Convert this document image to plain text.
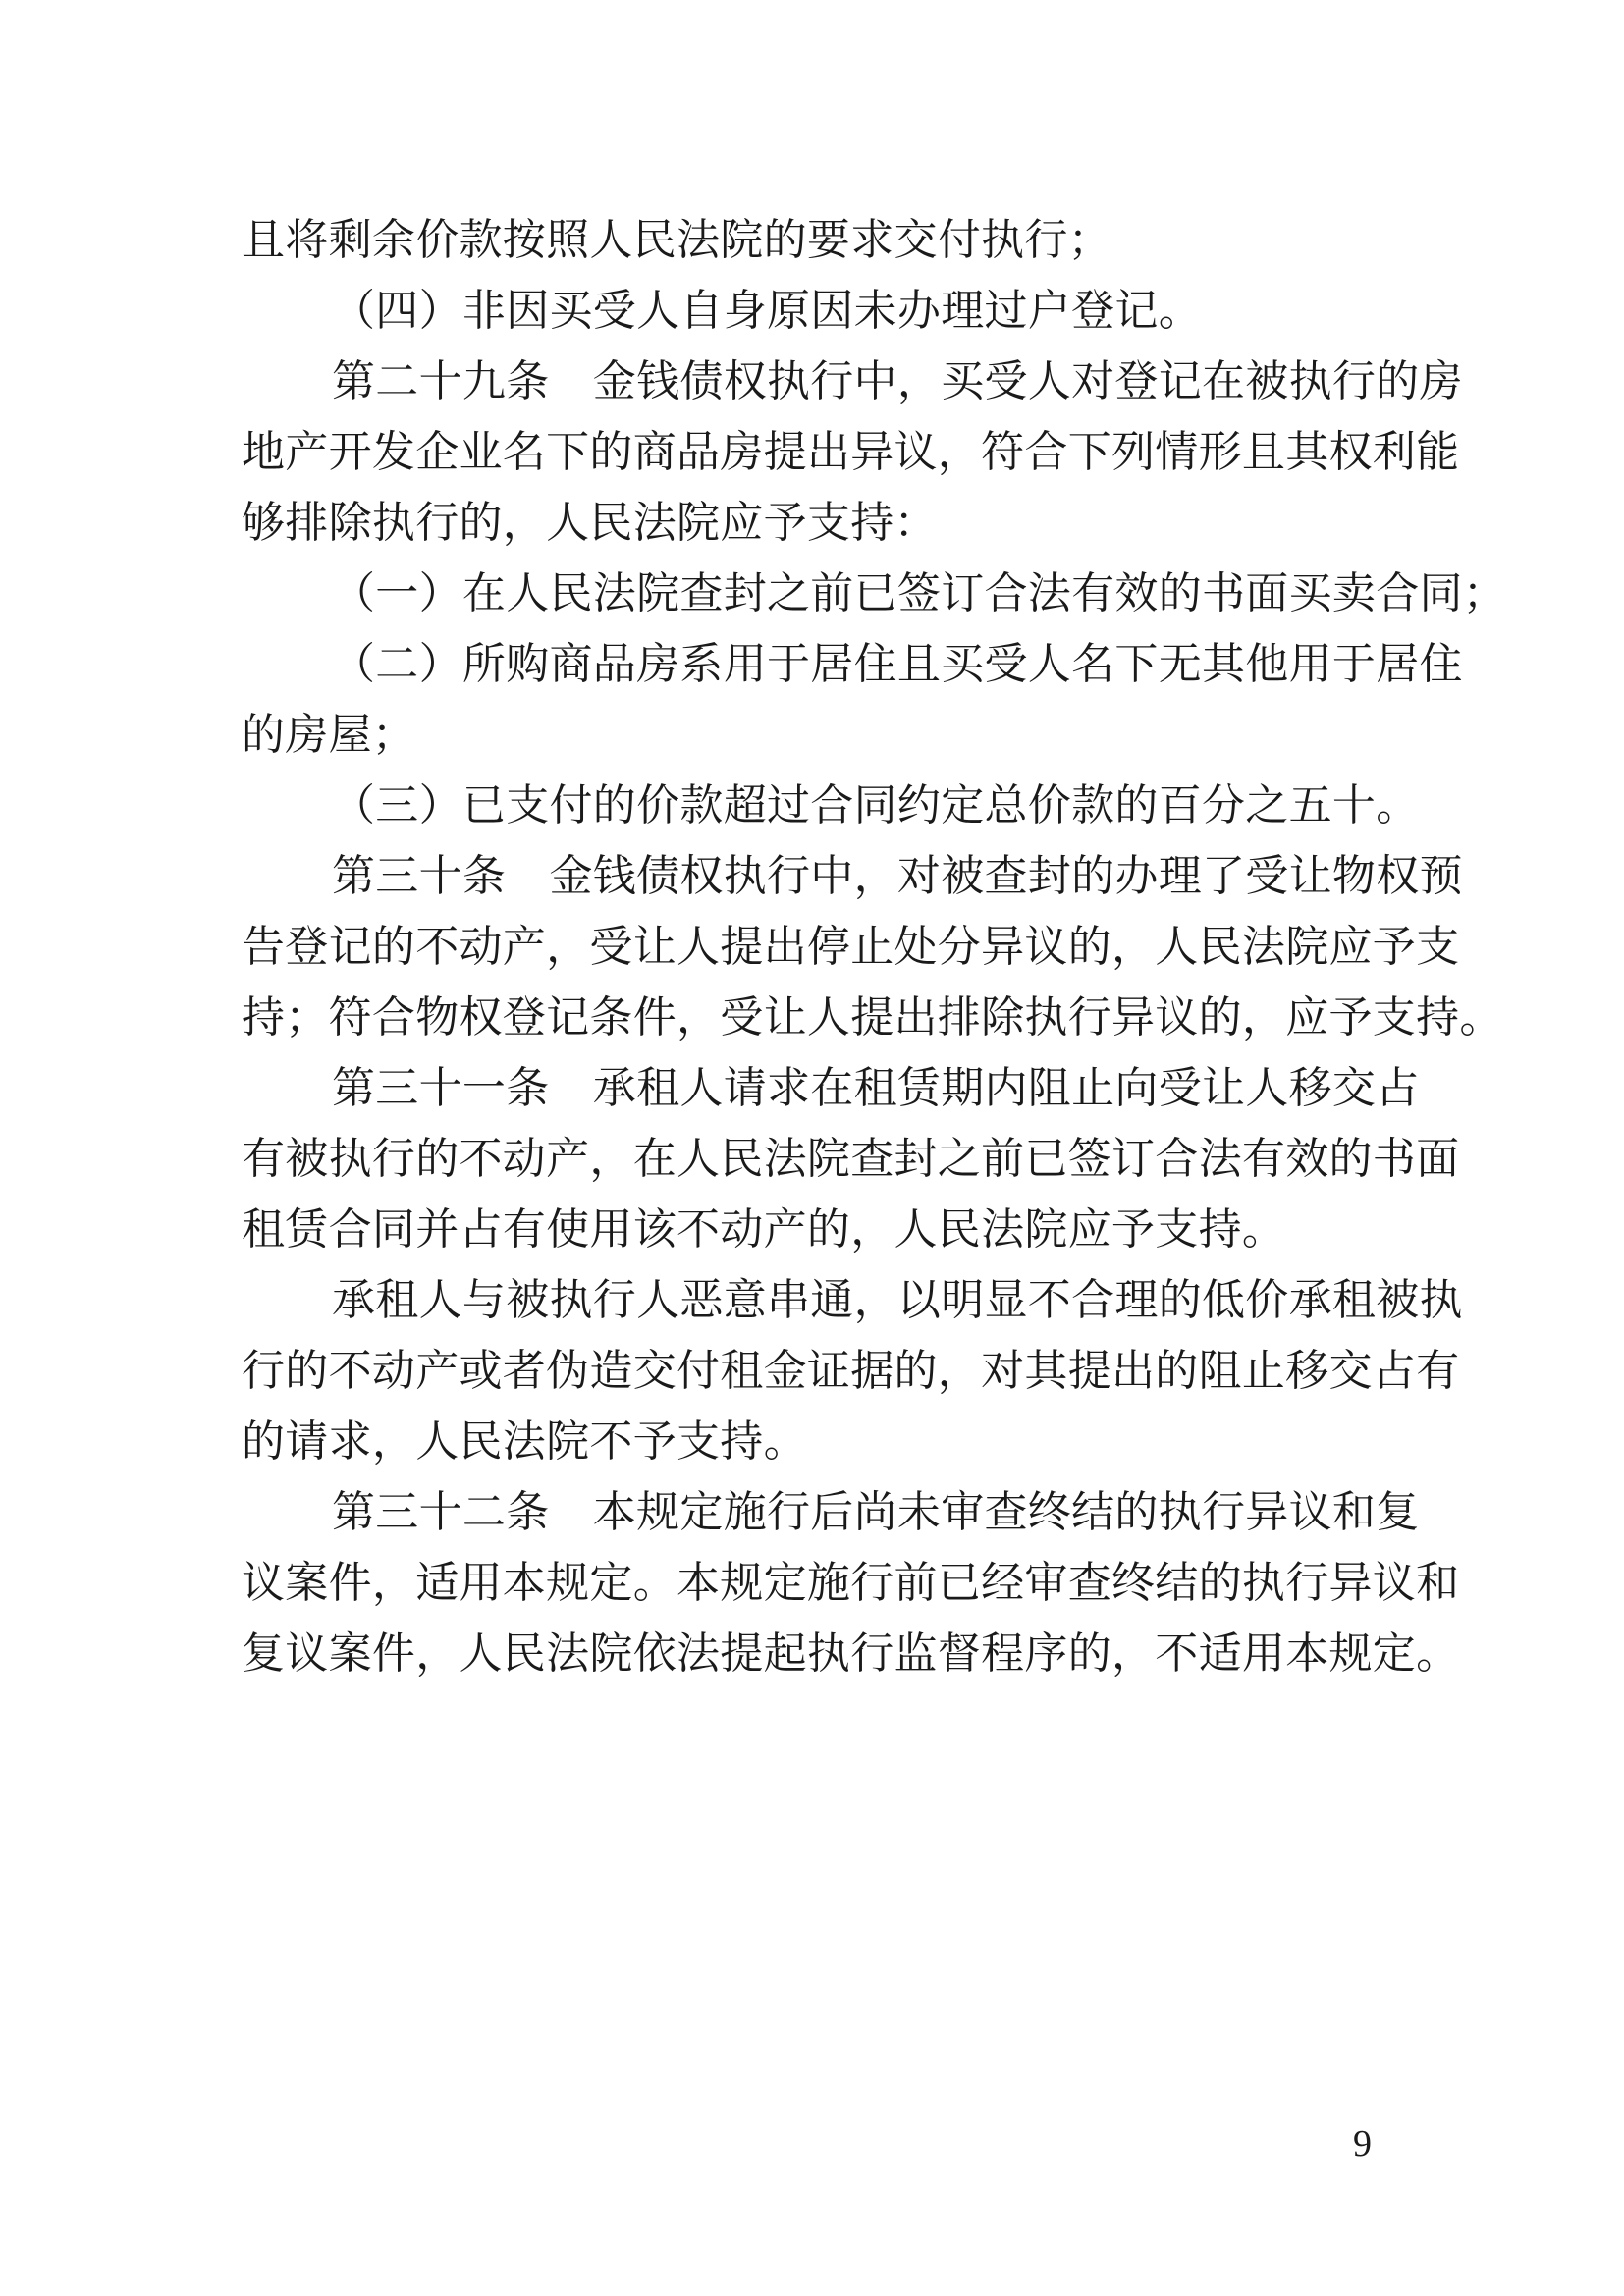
且将剩余价款按照人民法院的要求交付执行；
（四）非因买受人自身原因未办理过户登记。
第二十九条　金钱债权执行中，买受人对登记在被执行的房
地产开发企业名下的商品房提出异议，符合下列情形且其权利能
够排除执行的，人民法院应予支持：
（一）在人民法院查封之前已签订合法有效的书面买卖合同；
（二）所购商品房系用于居住且买受人名下无其他用于居住
的房屋；
（三）已支付的价款超过合同约定总价款的百分之五十。
第三十条　金钱债权执行中，对被查封的办理了受让物权预
告登记的不动产，受让人提出停止处分异议的，人民法院应予支
持；符合物权登记条件，受让人提出排除执行异议的，应予支持。
第三十一条　承租人请求在租赁期内阻止向受让人移交占
有被执行的不动产，在人民法院查封之前已签订合法有效的书面
租赁合同并占有使用该不动产的，人民法院应予支持。
承租人与被执行人恶意串通，以明显不合理的低价承租被执
行的不动产或者伪造交付租金证据的，对其提出的阻止移交占有
的请求，人民法院不予支持。
第三十二条　本规定施行后尚未审查终结的执行异议和复
议案件，适用本规定。本规定施行前已经审查终结的执行异议和
复议案件，人民法院依法提起执行监督程序的，不适用本规定。
9
